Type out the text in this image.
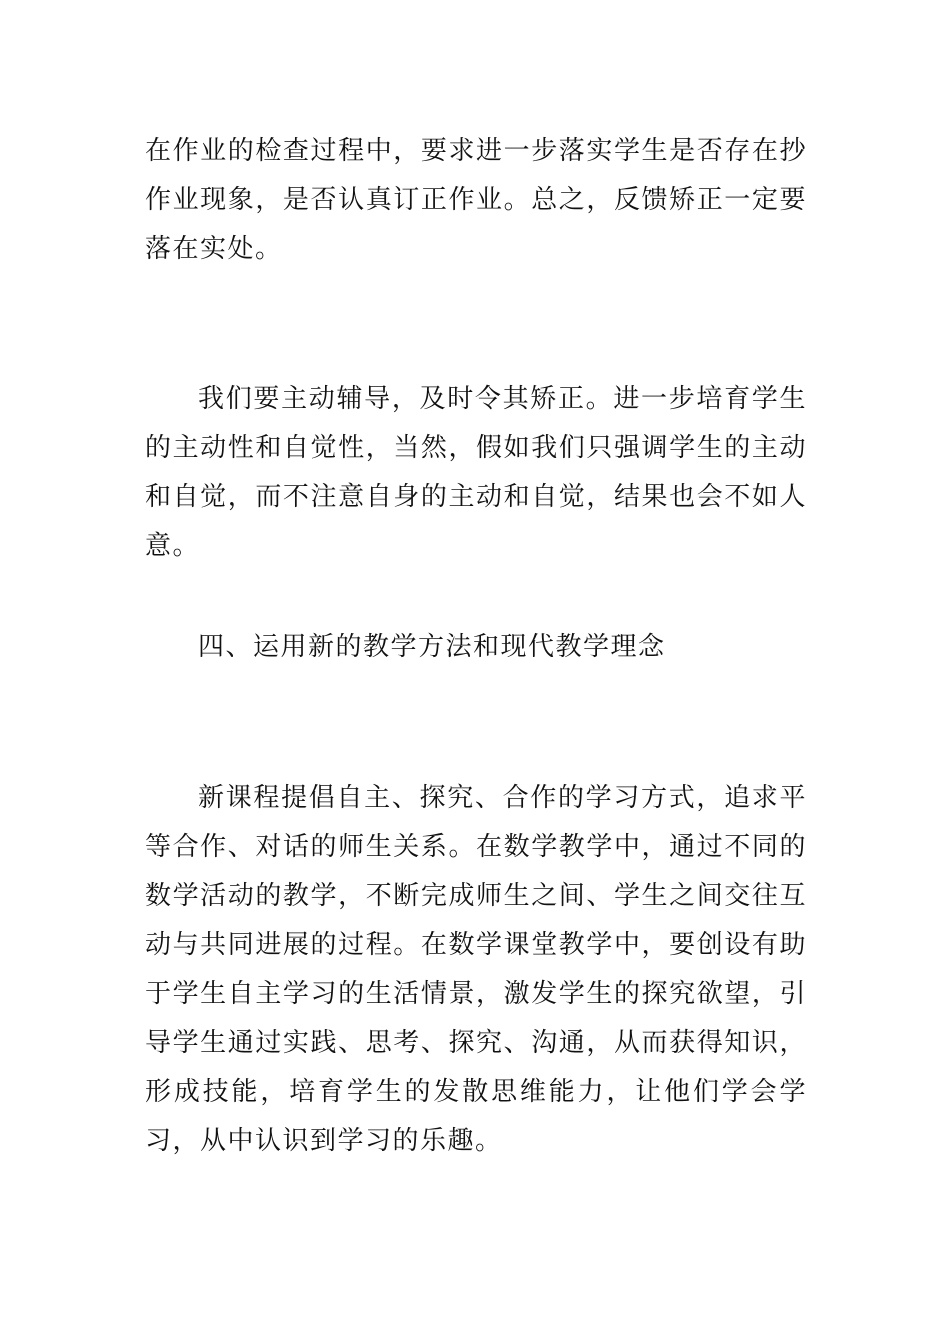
在作业的检查过程中，要求进一步落实学生是否存在抄作业现象，是否认真订正作业。总之，反馈矫正一定要落在实处。

我们要主动辅导，及时令其矫正。进一步培育学生的主动性和自觉性，当然，假如我们只强调学生的主动和自觉，而不注意自身的主动和自觉，结果也会不如人意。

四、运用新的教学方法和现代教学理念

新课程提倡自主、探究、合作的学习方式，追求平等合作、对话的师生关系。在数学教学中，通过不同的数学活动的教学，不断完成师生之间、学生之间交往互动与共同进展的过程。在数学课堂教学中，要创设有助于学生自主学习的生活情景，激发学生的探究欲望，引导学生通过实践、思考、探究、沟通，从而获得知识，形成技能，培育学生的发散思维能力，让他们学会学习，从中认识到学习的乐趣。
